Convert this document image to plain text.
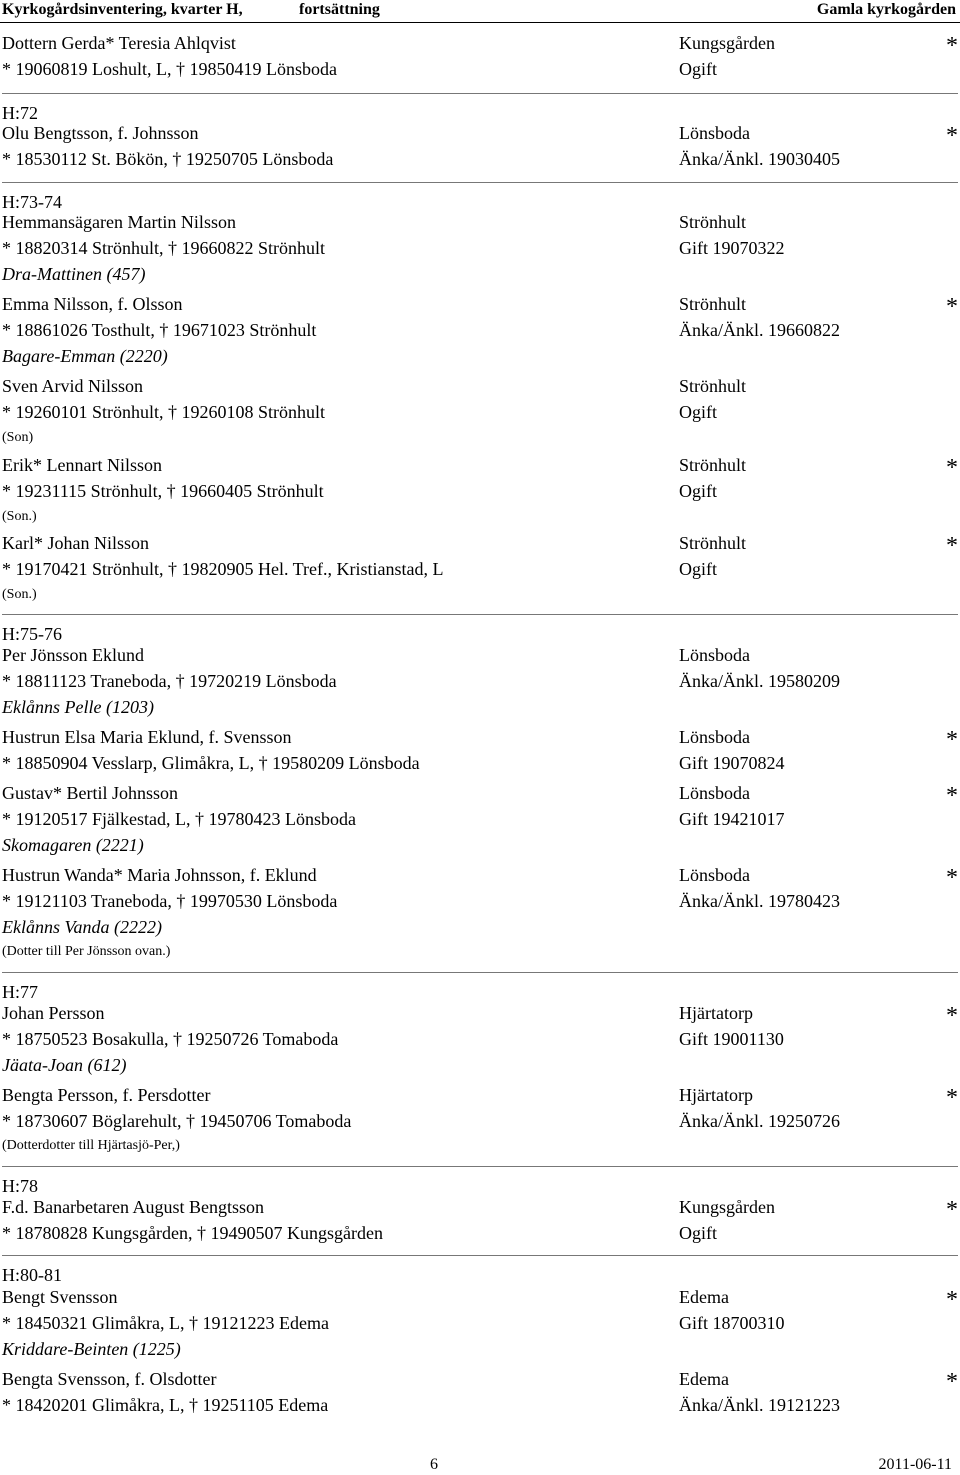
Kyrkogårdsinventering, kvarter H,	fortsättning	Gamla kyrkogården
Dottern Gerda* Teresia Ahlqvist	Kungsgården	*
* 19060819 Loshult, L, † 19850419 Lönsboda	Ogift
H:72
Olu Bengtsson, f. Johnsson	Lönsboda	*
* 18530112 St. Bökön, † 19250705 Lönsboda	Änka/Änkl. 19030405
H:73-74
Hemmansägaren Martin Nilsson	Strönhult
* 18820314 Strönhult, † 19660822 Strönhult	Gift 19070322
Dra-Mattinen (457)
Emma Nilsson, f. Olsson	Strönhult	*
* 18861026 Tosthult, † 19671023 Strönhult	Änka/Änkl. 19660822
Bagare-Emman (2220)
Sven Arvid Nilsson	Strönhult
* 19260101 Strönhult, † 19260108 Strönhult	Ogift
(Son)
Erik* Lennart Nilsson	Strönhult	*
* 19231115 Strönhult, † 19660405 Strönhult	Ogift
(Son.)
Karl* Johan Nilsson	Strönhult	*
* 19170421 Strönhult, † 19820905 Hel. Tref., Kristianstad, L	Ogift
(Son.)
H:75-76
Per Jönsson Eklund	Lönsboda
* 18811123 Traneboda, † 19720219 Lönsboda	Änka/Änkl. 19580209
Eklånns Pelle (1203)
Hustrun Elsa Maria Eklund, f. Svensson	Lönsboda	*
* 18850904 Vesslarp, Glimåkra, L, † 19580209 Lönsboda	Gift 19070824
Gustav* Bertil Johnsson	Lönsboda	*
* 19120517 Fjälkestad, L, † 19780423 Lönsboda	Gift 19421017
Skomagaren (2221)
Hustrun Wanda* Maria Johnsson, f. Eklund	Lönsboda	*
* 19121103 Traneboda, † 19970530 Lönsboda	Änka/Änkl. 19780423
Eklånns Vanda (2222)
(Dotter till Per Jönsson ovan.)
H:77
Johan Persson	Hjärtatorp	*
* 18750523 Bosakulla, † 19250726 Tomaboda	Gift 19001130
Jäata-Joan (612)
Bengta Persson, f. Persdotter	Hjärtatorp	*
* 18730607 Böglarehult, † 19450706 Tomaboda	Änka/Änkl. 19250726
(Dotterdotter till Hjärtasjö-Per,)
H:78
F.d. Banarbetaren August Bengtsson	Kungsgården	*
* 18780828 Kungsgården, † 19490507 Kungsgården	Ogift
H:80-81
Bengt Svensson	Edema	*
* 18450321 Glimåkra, L, † 19121223 Edema	Gift 18700310
Kriddare-Beinten (1225)
Bengta Svensson, f. Olsdotter	Edema	*
* 18420201 Glimåkra, L, † 19251105 Edema	Änka/Änkl. 19121223
6	2011-06-11
